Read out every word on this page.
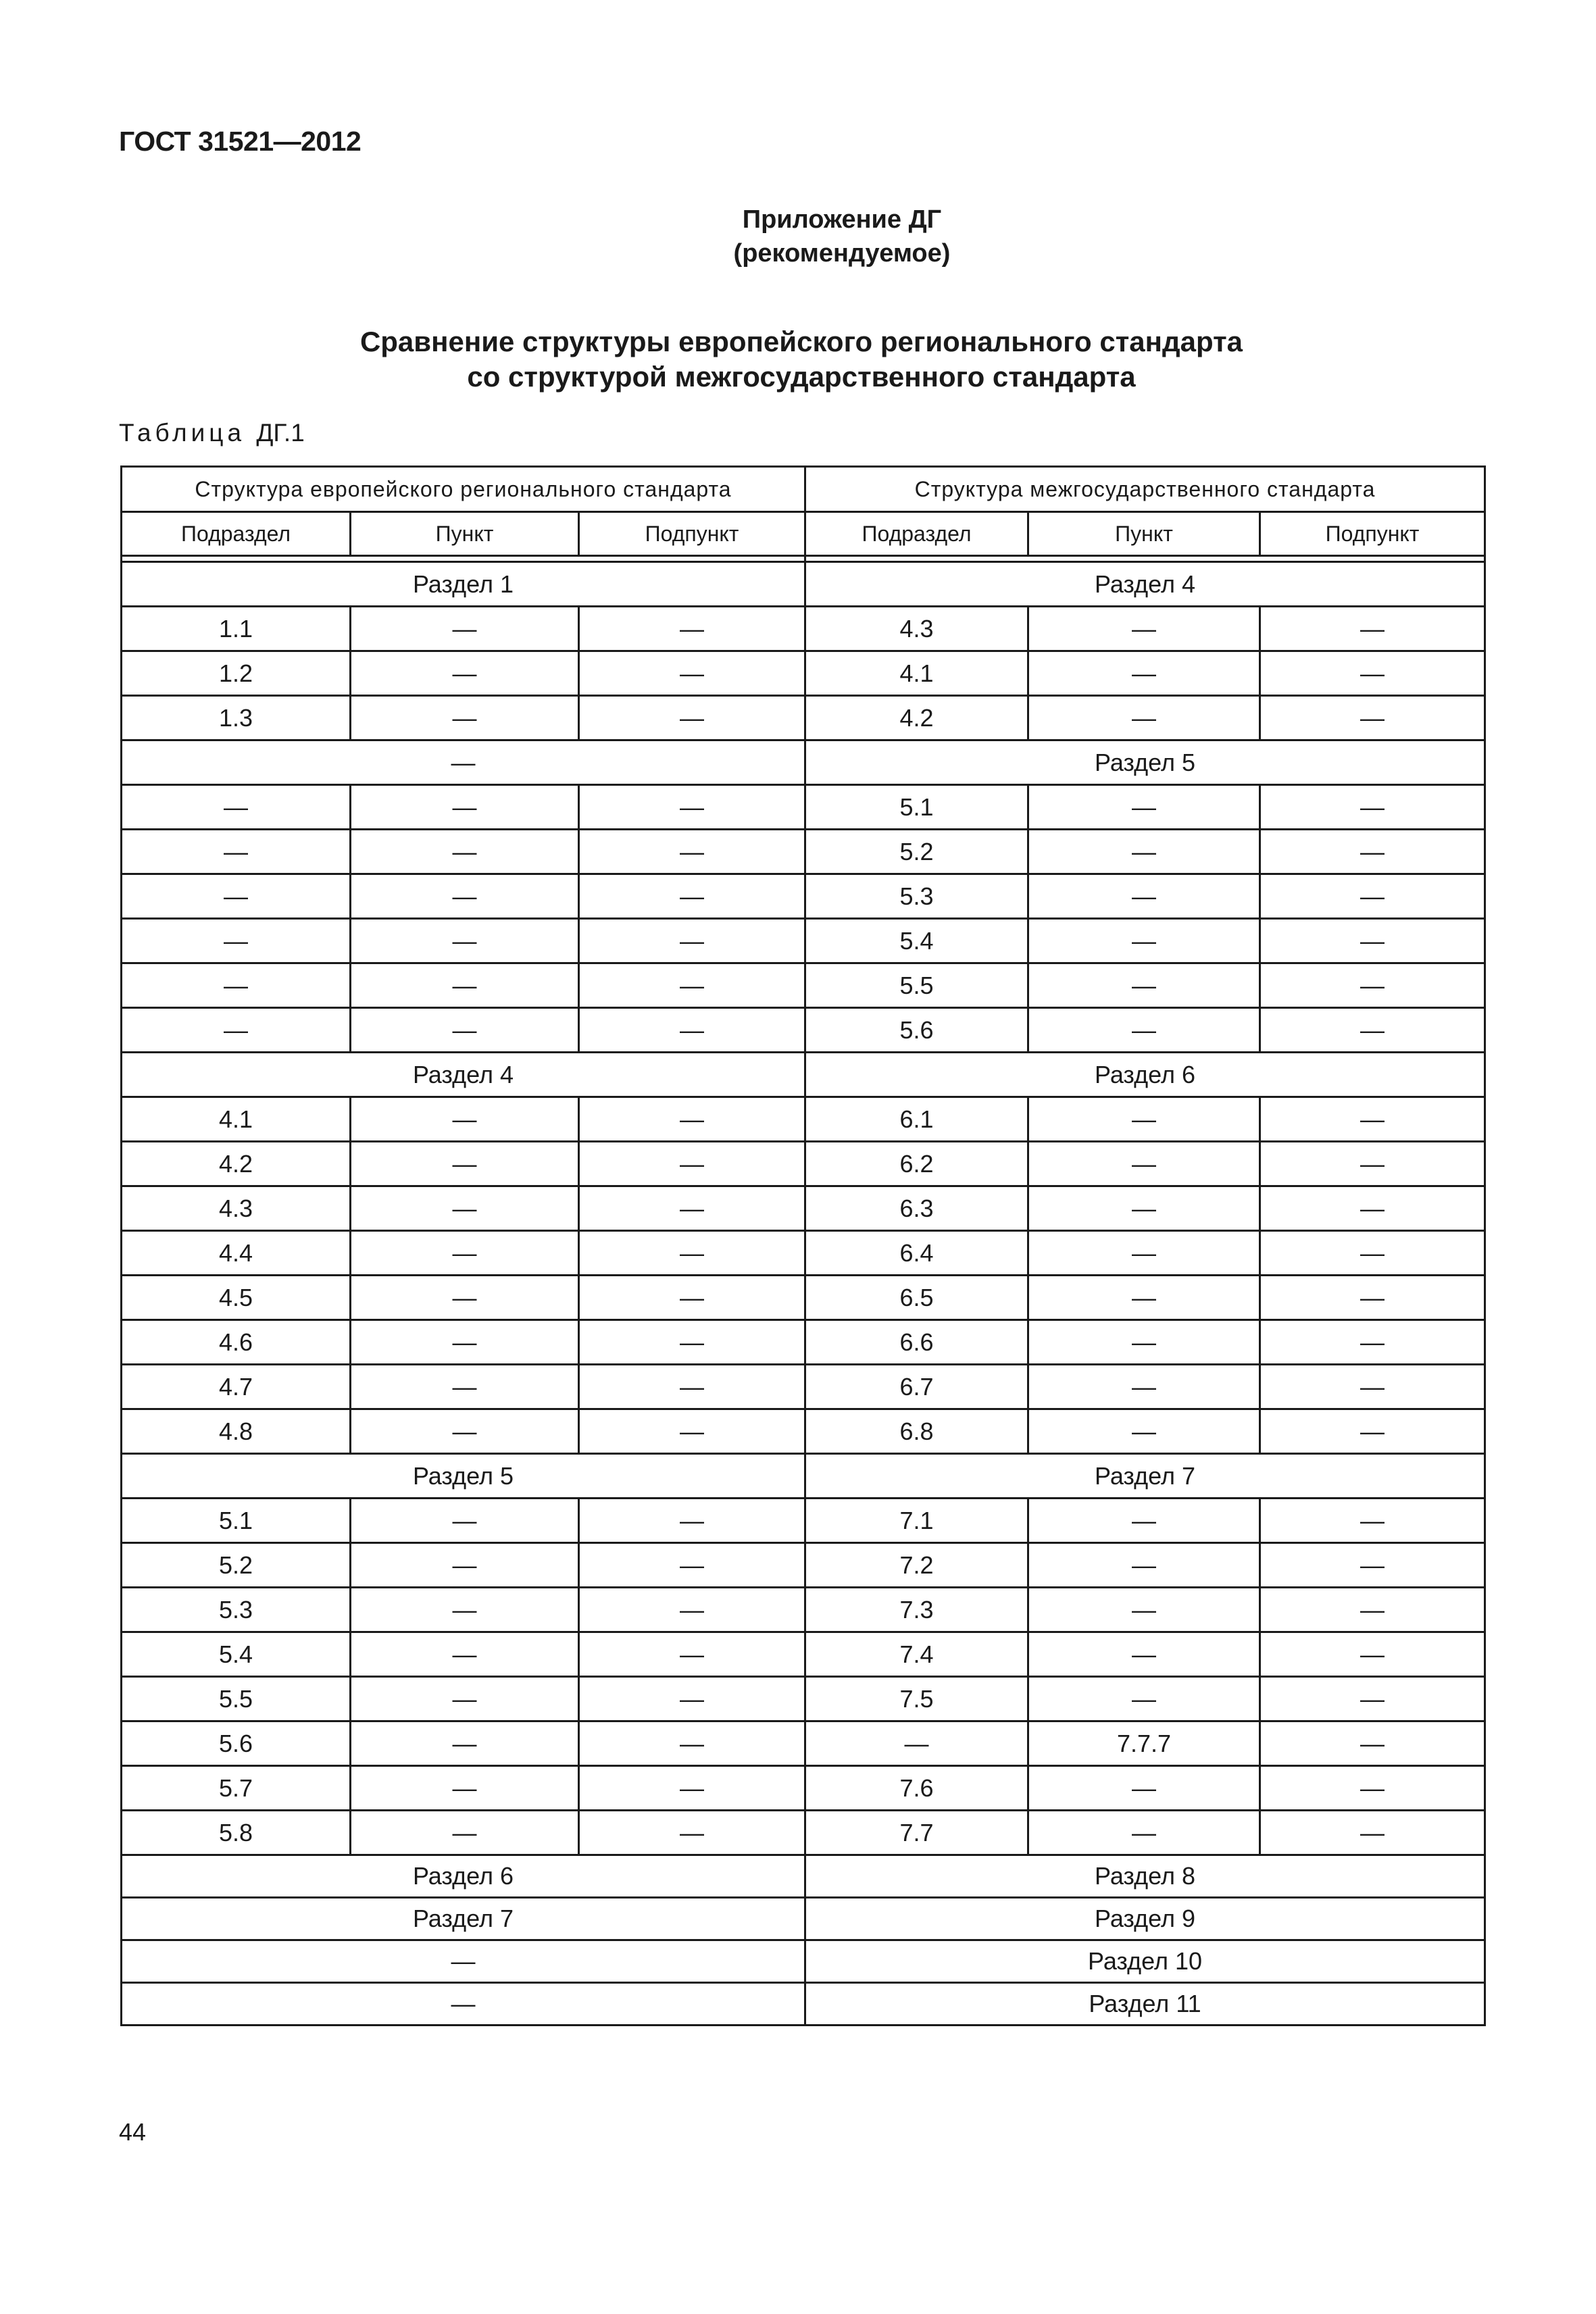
ГОСТ 31521—2012
Приложение ДГ
(рекомендуемое)
Сравнение структуры европейского регионального стандарта
со структурой межгосударственного стандарта
Таблица ДГ.1
Структура европейского регионального стандарта			Структура межгосударственного стандарта		
Подраздел	Пункт	Подпункт	Подраздел	Пункт	Подпункт

Раздел 1			Раздел 4		
1.1	—	—	4.3	—	—
1.2	—	—	4.1	—	—
1.3	—	—	4.2	—	—
—			Раздел 5		
—	—	—	5.1	—	—
—	—	—	5.2	—	—
—	—	—	5.3	—	—
—	—	—	5.4	—	—
—	—	—	5.5	—	—
—	—	—	5.6	—	—
Раздел 4			Раздел 6		
4.1	—	—	6.1	—	—
4.2	—	—	6.2	—	—
4.3	—	—	6.3	—	—
4.4	—	—	6.4	—	—
4.5	—	—	6.5	—	—
4.6	—	—	6.6	—	—
4.7	—	—	6.7	—	—
4.8	—	—	6.8	—	—
Раздел 5			Раздел 7		
5.1	—	—	7.1	—	—
5.2	—	—	7.2	—	—
5.3	—	—	7.3	—	—
5.4	—	—	7.4	—	—
5.5	—	—	7.5	—	—
5.6	—	—	—	7.7.7	—
5.7	—	—	7.6	—	—
5.8	—	—	7.7	—	—
Раздел 6			Раздел 8		
Раздел 7			Раздел 9		
—			Раздел 10		
—			Раздел 11		
44
